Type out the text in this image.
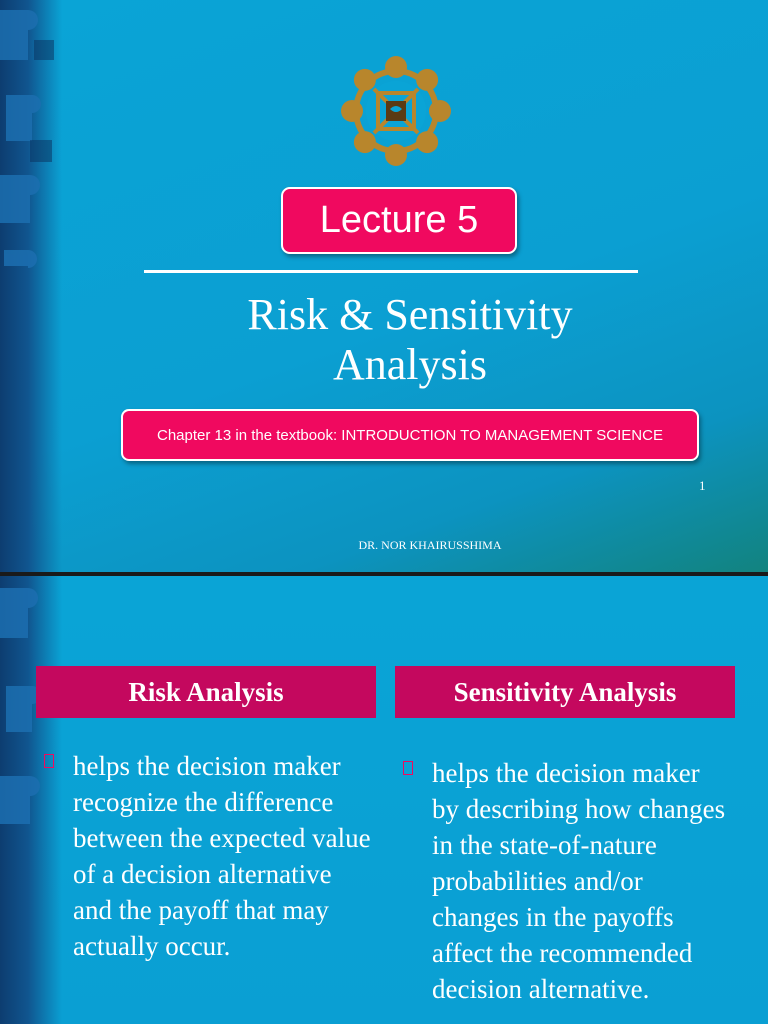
Lecture 5
Risk & Sensitivity
Analysis
Chapter 13 in the textbook: INTRODUCTION TO MANAGEMENT SCIENCE
1
DR. NOR KHAIRUSSHIMA
Risk Analysis	Sensitivity Analysis
helps the decision maker recognize the difference between the expected value of a decision alternative and the payoff that may actually occur.
helps the decision maker by describing how changes in the state-of-nature probabilities and/or changes in the payoffs affect the recommended decision alternative.
